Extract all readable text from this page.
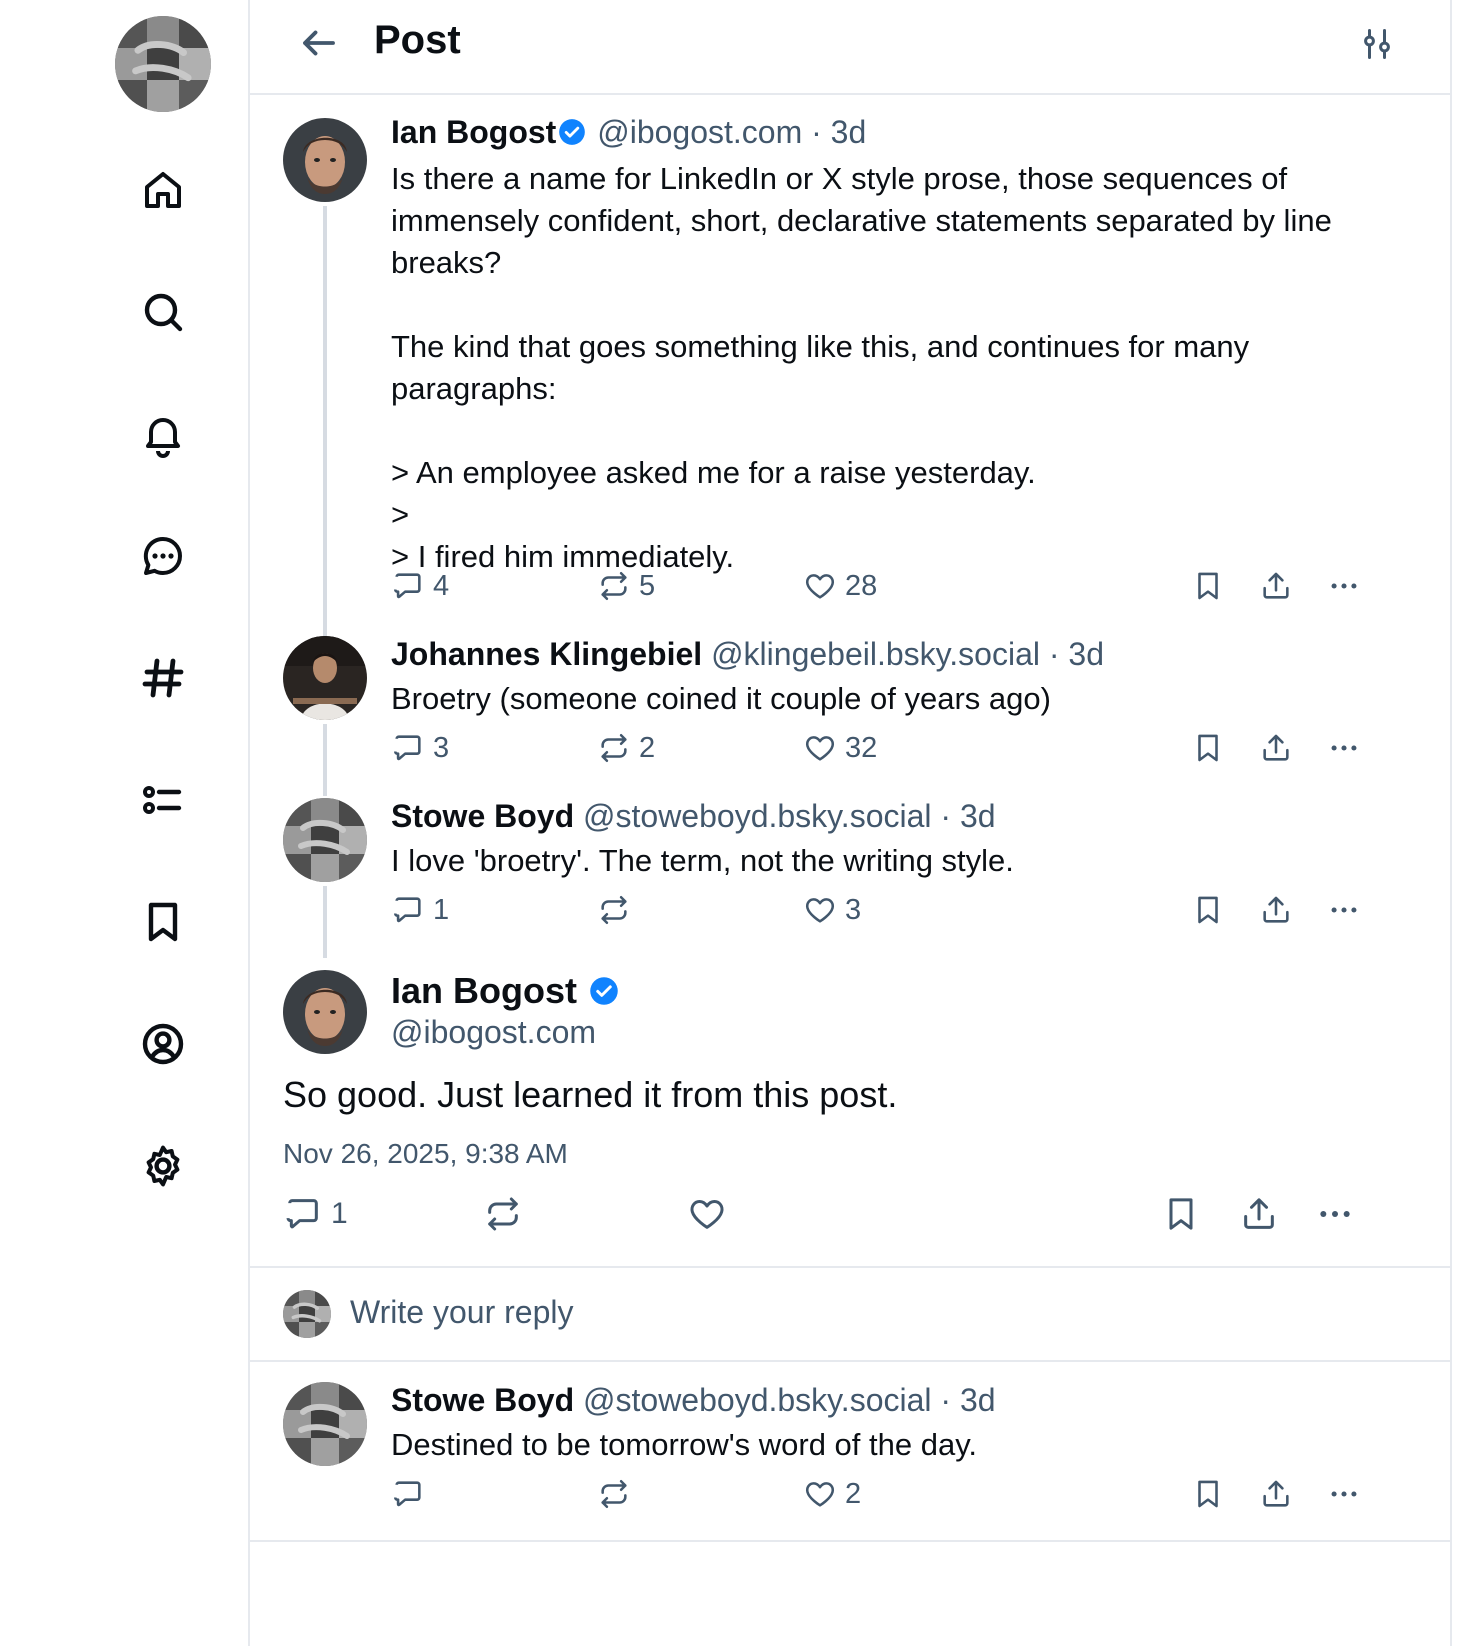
Post
Ian Bogost @ibogost.com · 3d
Is there a name for LinkedIn or X style prose, those sequences of immensely confident, short, declarative statements separated by line breaks?

The kind that goes something like this, and continues for many paragraphs:

> An employee asked me for a raise yesterday.
>
> I fired him immediately.
4	5	28
Johannes Klingebiel @klingebeil.bsky.social · 3d
Broetry (someone coined it couple of years ago)
3	2	32
Stowe Boyd @stoweboyd.bsky.social · 3d
I love 'broetry'. The term, not the writing style.
1	3
Ian Bogost
@ibogost.com
So good. Just learned it from this post.
Nov 26, 2025, 9:38 AM
1
Write your reply
Stowe Boyd @stoweboyd.bsky.social · 3d
Destined to be tomorrow's word of the day.
2
